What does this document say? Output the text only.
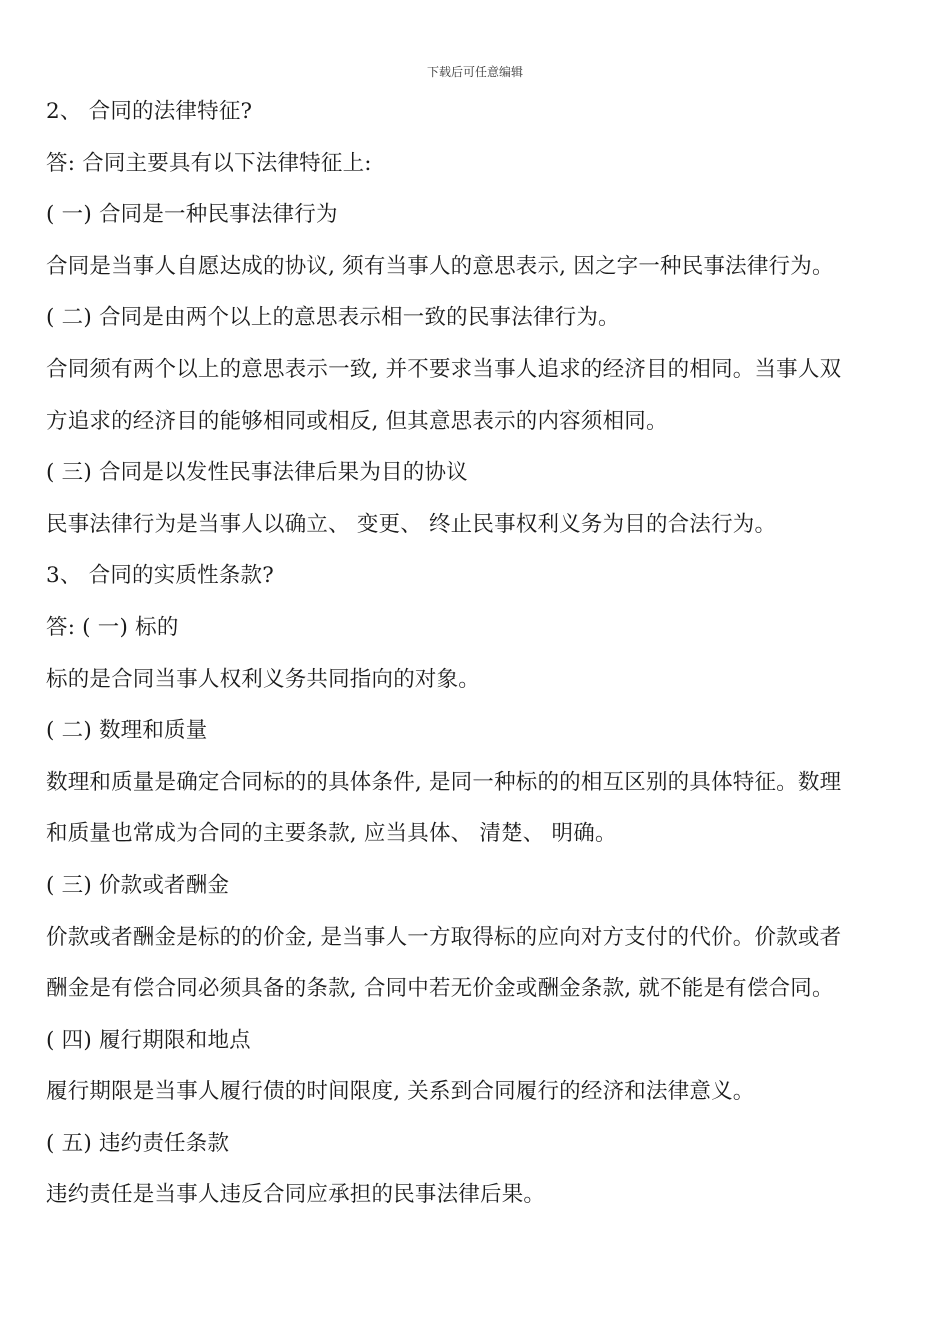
下载后可任意编辑
2、 合同的法律特征?
答: 合同主要具有以下法律特征上:
( 一) 合同是一种民事法律行为
合同是当事人自愿达成的协议, 须有当事人的意思表示, 因之字一种民事法律行为。
( 二) 合同是由两个以上的意思表示相一致的民事法律行为。
合同须有两个以上的意思表示一致, 并不要求当事人追求的经济目的相同。当事人双
方追求的经济目的能够相同或相反, 但其意思表示的内容须相同。
( 三) 合同是以发性民事法律后果为目的协议
民事法律行为是当事人以确立、 变更、 终止民事权利义务为目的合法行为。
3、 合同的实质性条款?
答: ( 一) 标的
标的是合同当事人权利义务共同指向的对象。
( 二) 数理和质量
数理和质量是确定合同标的的具体条件, 是同一种标的的相互区别的具体特征。数理
和质量也常成为合同的主要条款, 应当具体、 清楚、 明确。
( 三) 价款或者酬金
价款或者酬金是标的的价金, 是当事人一方取得标的应向对方支付的代价。价款或者
酬金是有偿合同必须具备的条款, 合同中若无价金或酬金条款, 就不能是有偿合同。
( 四) 履行期限和地点
履行期限是当事人履行债的时间限度, 关系到合同履行的经济和法律意义。
( 五) 违约责任条款
违约责任是当事人违反合同应承担的民事法律后果。
